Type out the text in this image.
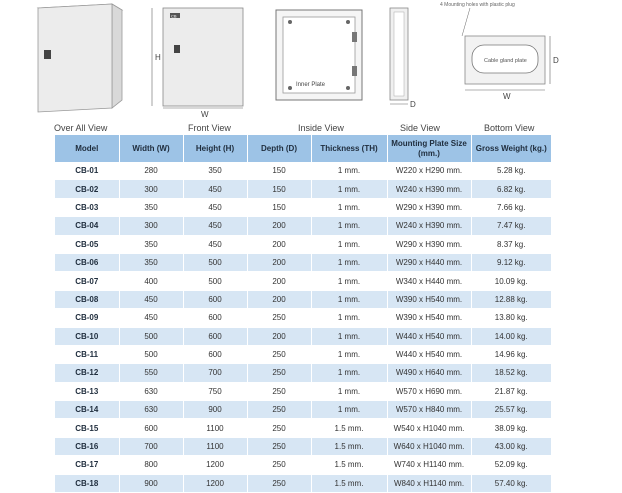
CB
H
W
Inner Plate
D
4 Mounting holes with plastic plug
Cable gland plate	D
W
Over All View	Front View	Inside View	Side View	Bottom View
Model	Width (W)	Height (H)	Depth (D)	Thickness (TH)	Mounting Plate Size (mm.)	Gross Weight (kg.)
CB-01	280	350	150	1 mm.	W220 x H290 mm.	5.28 kg.
CB-02	300	450	150	1 mm.	W240 x H390 mm.	6.82 kg.
CB-03	350	450	150	1 mm.	W290 x H390 mm.	7.66 kg.
CB-04	300	450	200	1 mm.	W240 x H390 mm.	7.47 kg.
CB-05	350	450	200	1 mm.	W290 x H390 mm.	8.37 kg.
CB-06	350	500	200	1 mm.	W290 x H440 mm.	9.12 kg.
CB-07	400	500	200	1 mm.	W340 x H440 mm.	10.09 kg.
CB-08	450	600	200	1 mm.	W390 x H540 mm.	12.88 kg.
CB-09	450	600	250	1 mm.	W390 x H540 mm.	13.80 kg.
CB-10	500	600	200	1 mm.	W440 x H540 mm.	14.00 kg.
CB-11	500	600	250	1 mm.	W440 x H540 mm.	14.96 kg.
CB-12	550	700	250	1 mm.	W490 x H640 mm.	18.52 kg.
CB-13	630	750	250	1 mm.	W570 x H690 mm.	21.87 kg.
CB-14	630	900	250	1 mm.	W570 x H840 mm.	25.57 kg.
CB-15	600	1100	250	1.5 mm.	W540 x H1040 mm.	38.09 kg.
CB-16	700	1100	250	1.5 mm.	W640 x H1040 mm.	43.00 kg.
CB-17	800	1200	250	1.5 mm.	W740 x H1140 mm.	52.09 kg.
CB-18	900	1200	250	1.5 mm.	W840 x H1140 mm.	57.40 kg.
